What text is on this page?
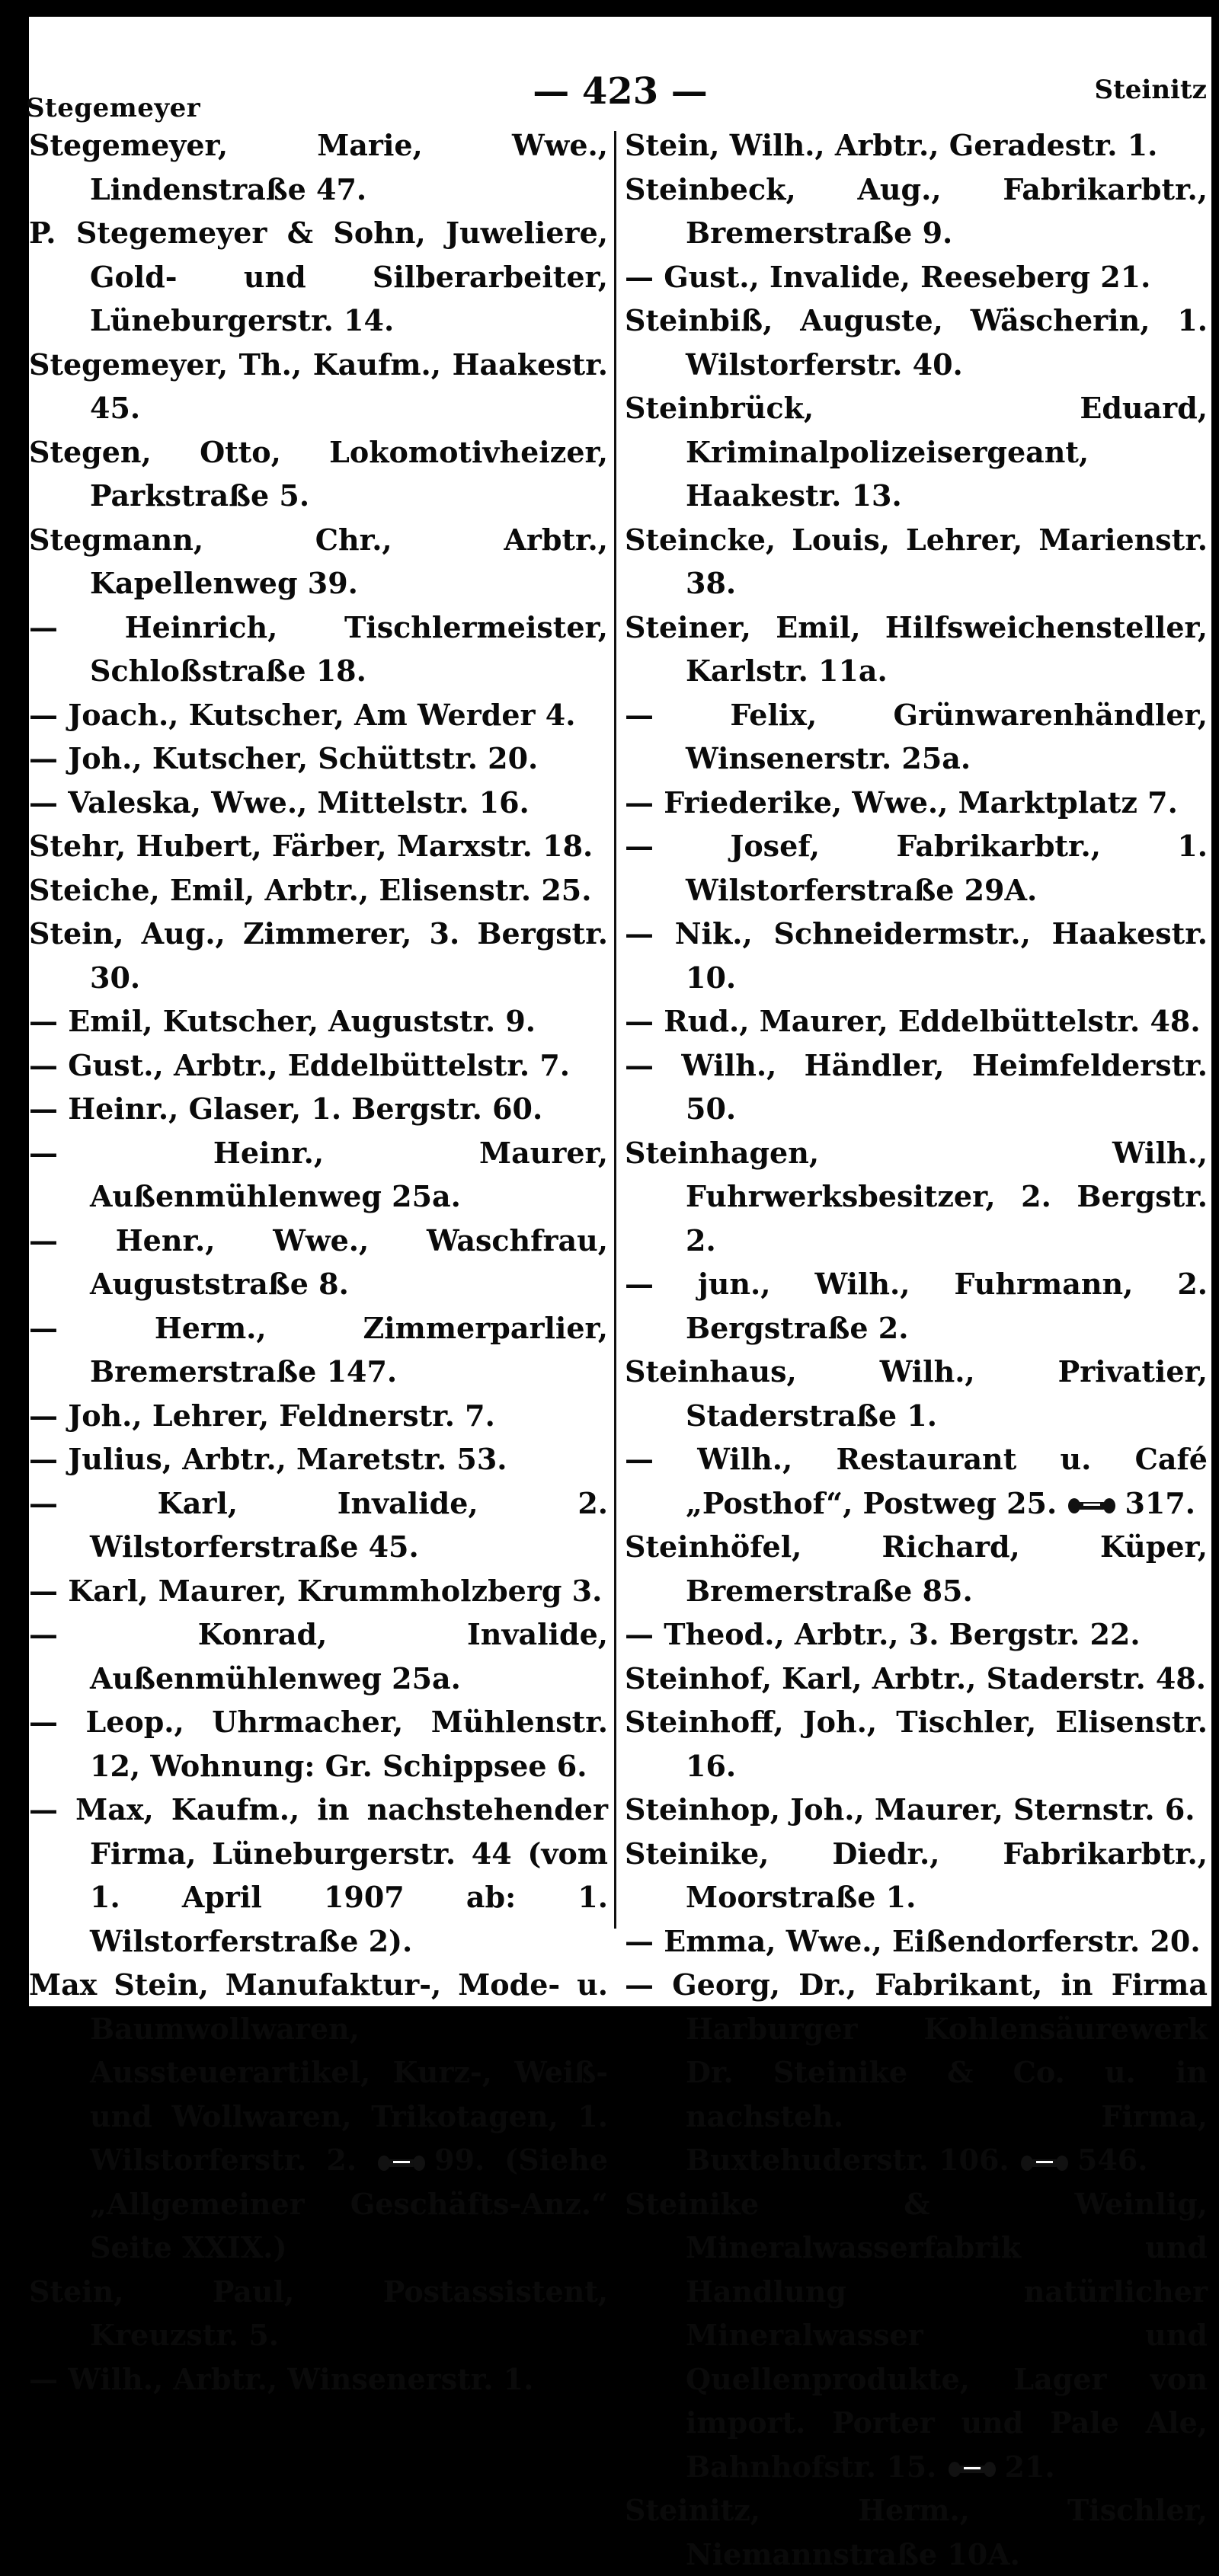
Stegemeyer	— 423 —	Steinitz
Stegemeyer, Marie, Wwe., Lindenstraße 47.
P. Stegemeyer & Sohn, Juweliere, Gold- und Silberarbeiter, Lüneburgerstr. 14.
Stegemeyer, Th., Kaufm., Haakestr. 45.
Stegen, Otto, Lokomotivheizer, Parkstraße 5.
Stegmann, Chr., Arbtr., Kapellenweg 39.
— Heinrich, Tischlermeister, Schloßstraße 18.
— Joach., Kutscher, Am Werder 4.
— Joh., Kutscher, Schüttstr. 20.
— Valeska, Wwe., Mittelstr. 16.
Stehr, Hubert, Färber, Marxstr. 18.
Steiche, Emil, Arbtr., Elisenstr. 25.
Stein, Aug., Zimmerer, 3. Bergstr. 30.
— Emil, Kutscher, Auguststr. 9.
— Gust., Arbtr., Eddelbüttelstr. 7.
— Heinr., Glaser, 1. Bergstr. 60.
— Heinr., Maurer, Außenmühlenweg 25a.
— Henr., Wwe., Waschfrau, Auguststraße 8.
— Herm., Zimmerparlier, Bremerstraße 147.
— Joh., Lehrer, Feldnerstr. 7.
— Julius, Arbtr., Maretstr. 53.
— Karl, Invalide, 2. Wilstorferstraße 45.
— Karl, Maurer, Krummholzberg 3.
— Konrad, Invalide, Außenmühlenweg 25a.
— Leop., Uhrmacher, Mühlenstr. 12, Wohnung: Gr. Schippsee 6.
— Max, Kaufm., in nachstehender Firma, Lüneburgerstr. 44 (vom 1. April 1907 ab: 1. Wilstorferstraße 2).
Max Stein, Manufaktur-, Mode- u. Baumwollwaren, Aussteuerartikel, Kurz-, Weiß- und Wollwaren, Trikotagen, 1. Wilstorferstr. 2.	99. (Siehe „Allgemeiner Geschäfts-Anz.“ Seite XXIX.)
Stein, Paul, Postassistent, Kreuzstr. 5.
— Wilh., Arbtr., Winsenerstr. 1.
Stein, Wilh., Arbtr., Geradestr. 1.
Steinbeck, Aug., Fabrikarbtr., Bremerstraße 9.
— Gust., Invalide, Reeseberg 21.
Steinbiß, Auguste, Wäscherin, 1. Wilstorferstr. 40.
Steinbrück, Eduard, Kriminalpolizeisergeant, Haakestr. 13.
Steincke, Louis, Lehrer, Marienstr. 38.
Steiner, Emil, Hilfsweichensteller, Karlstr. 11a.
— Felix, Grünwarenhändler, Winsenerstr. 25a.
— Friederike, Wwe., Marktplatz 7.
— Josef, Fabrikarbtr., 1. Wilstorferstraße 29A.
— Nik., Schneidermstr., Haakestr. 10.
— Rud., Maurer, Eddelbüttelstr. 48.
— Wilh., Händler, Heimfelderstr. 50.
Steinhagen, Wilh., Fuhrwerksbesitzer, 2. Bergstr. 2.
— jun., Wilh., Fuhrmann, 2. Bergstraße 2.
Steinhaus, Wilh., Privatier, Staderstraße 1.
— Wilh., Restaurant u. Café „Posthof“, Postweg 25. 317.
Steinhöfel, Richard, Küper, Bremerstraße 85.
— Theod., Arbtr., 3. Bergstr. 22.
Steinhof, Karl, Arbtr., Staderstr. 48.
Steinhoff, Joh., Tischler, Elisenstr. 16.
Steinhop, Joh., Maurer, Sternstr. 6.
Steinike, Diedr., Fabrikarbtr., Moorstraße 1.
— Emma, Wwe., Eißendorferstr. 20.
— Georg, Dr., Fabrikant, in Firma Harburger Kohlensäurewerk Dr. Steinike & Co. u. in nachsteh. Firma, Buxtehuderstr. 106. 546.
Steinike & Weinlig, Mineralwasserfabrik und Handlung natürlicher Mineralwasser und Quellenprodukte, Lager von import. Porter und Pale Ale, Bahnhofstr. 15. 21.
Steinitz, Herm., Tischler, Niemannstraße 10A.
